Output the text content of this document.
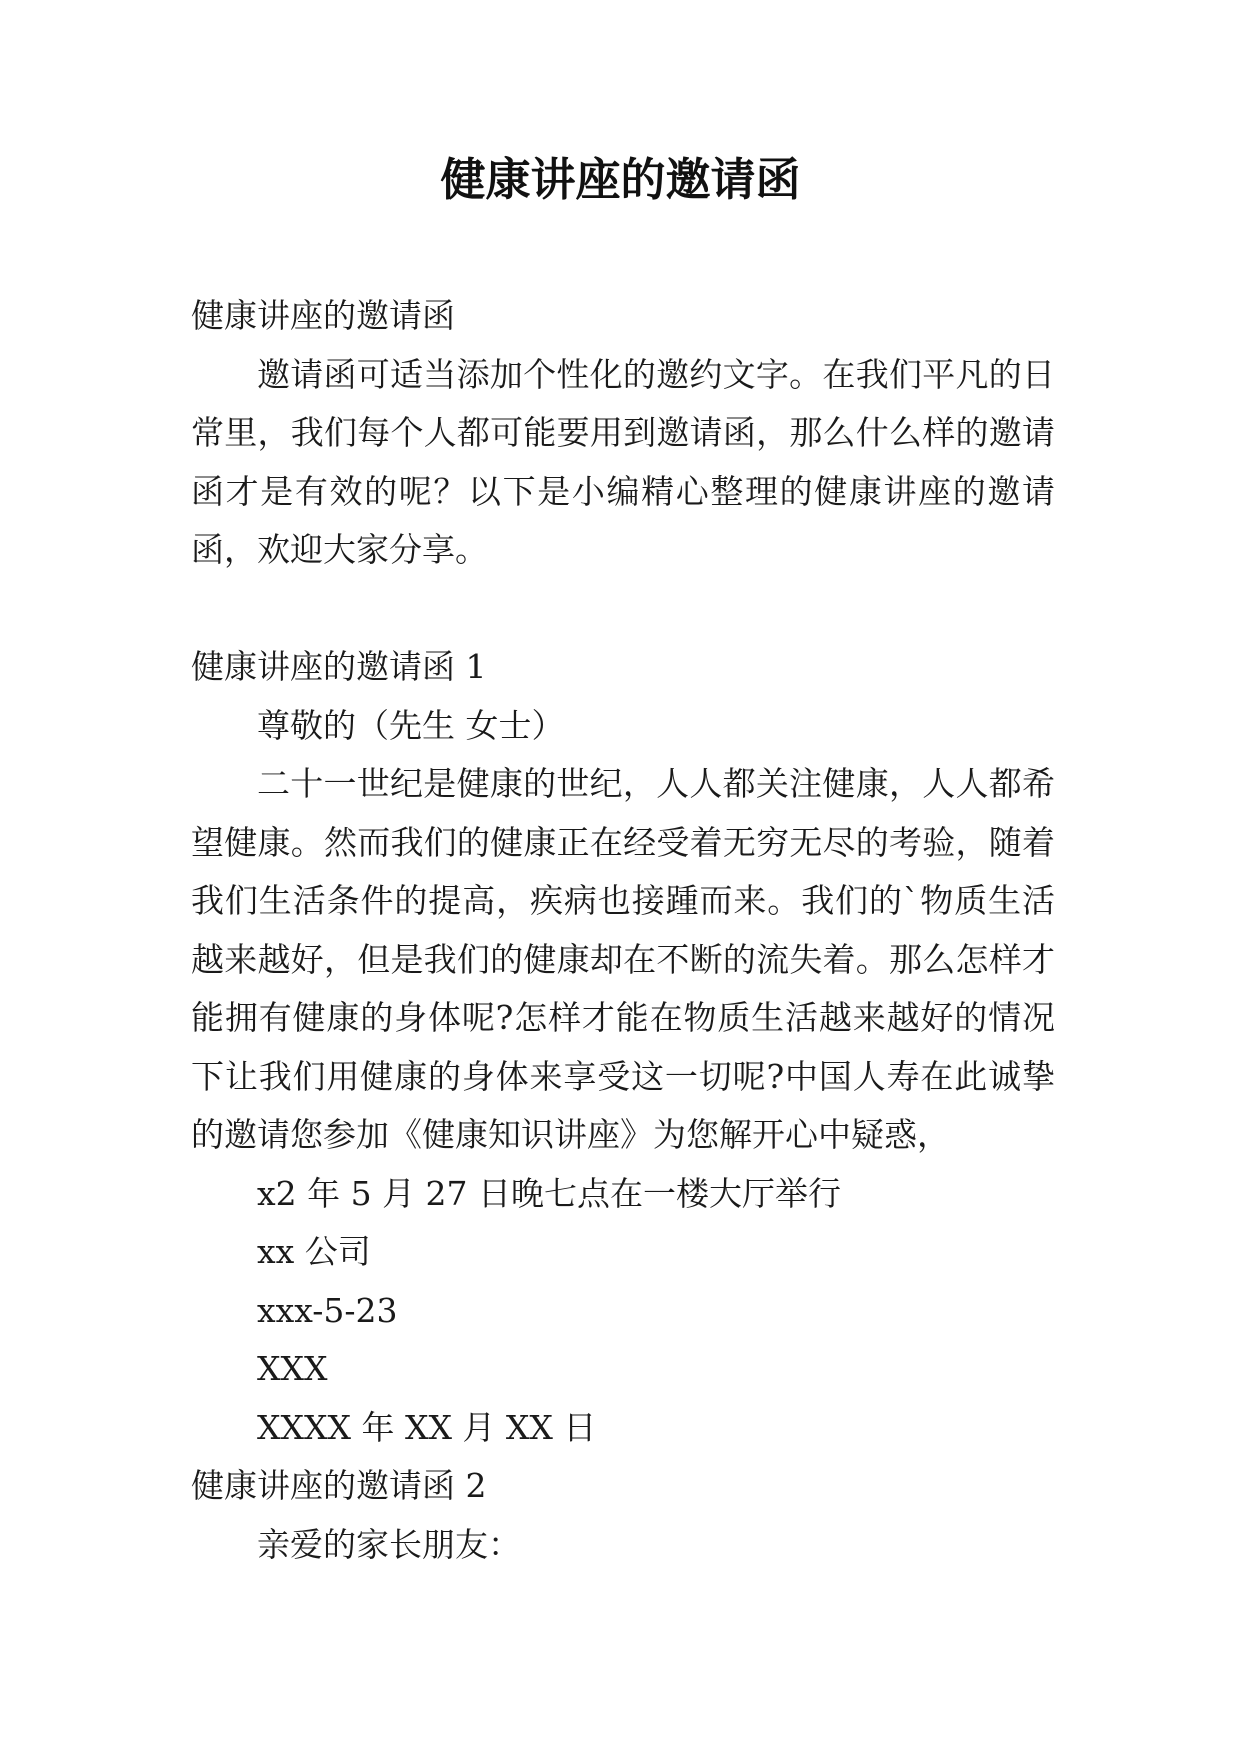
健康讲座的邀请函
健康讲座的邀请函
邀请函可适当添加个性化的邀约文字。在我们平凡的日
常里，我们每个人都可能要用到邀请函，那么什么样的邀请
函才是有效的呢？以下是小编精心整理的健康讲座的邀请
函，欢迎大家分享。
健康讲座的邀请函 1
尊敬的（先生 女士）
二十一世纪是健康的世纪，人人都关注健康，人人都希
望健康。然而我们的健康正在经受着无穷无尽的考验，随着
我们生活条件的提高，疾病也接踵而来。我们的`物质生活
越来越好，但是我们的健康却在不断的流失着。那么怎样才
能拥有健康的身体呢?怎样才能在物质生活越来越好的情况
下让我们用健康的身体来享受这一切呢?中国人寿在此诚挚
的邀请您参加《健康知识讲座》为您解开心中疑惑，
x2 年 5 月 27 日晚七点在一楼大厅举行
xx 公司
xxx-5-23
XXX
XXXX 年 XX 月 XX 日
健康讲座的邀请函 2
亲爱的家长朋友：
